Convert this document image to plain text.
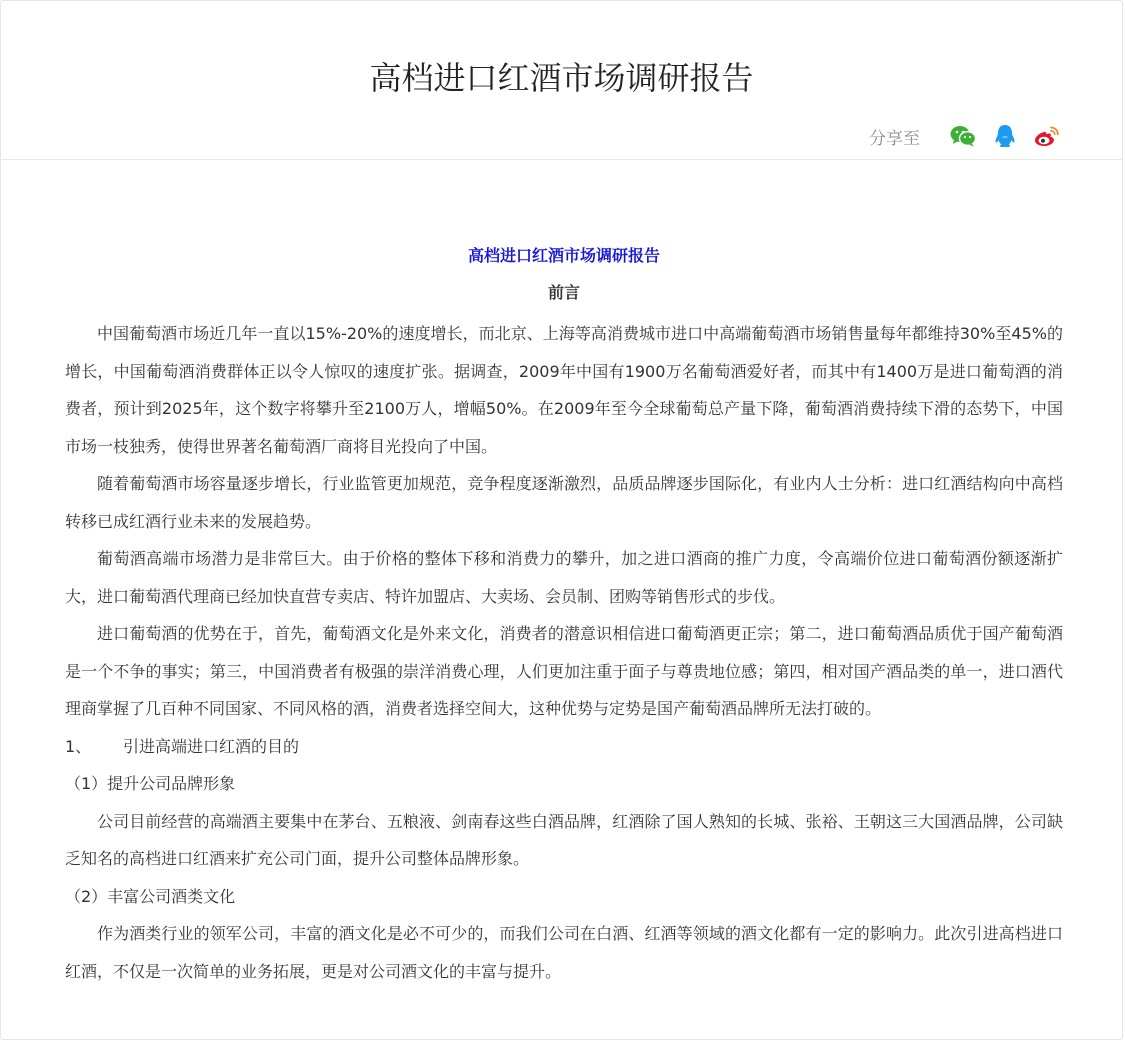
高档进口红酒市场调研报告
分享至

高档进口红酒市场调研报告

前言

中国葡萄酒市场近几年一直以15%-20%的速度增长，而北京、上海等高消费城市进口中高端葡萄酒市场销售量每年都维持30%至45%的增长，中国葡萄酒消费群体正以令人惊叹的速度扩张。据调查，2009年中国有1900万名葡萄酒爱好者，而其中有1400万是进口葡萄酒的消费者，预计到2025年，这个数字将攀升至2100万人，增幅50%。在2009年至今全球葡萄总产量下降，葡萄酒消费持续下滑的态势下，中国市场一枝独秀，使得世界著名葡萄酒厂商将目光投向了中国。

随着葡萄酒市场容量逐步增长，行业监管更加规范，竞争程度逐渐激烈，品质品牌逐步国际化，有业内人士分析：进口红酒结构向中高档转移已成红酒行业未来的发展趋势。

葡萄酒高端市场潜力是非常巨大。由于价格的整体下移和消费力的攀升，加之进口酒商的推广力度，令高端价位进口葡萄酒份额逐渐扩大，进口葡萄酒代理商已经加快直营专卖店、特许加盟店、大卖场、会员制、团购等销售形式的步伐。

进口葡萄酒的优势在于，首先，葡萄酒文化是外来文化，消费者的潜意识相信进口葡萄酒更正宗；第二，进口葡萄酒品质优于国产葡萄酒是一个不争的事实；第三，中国消费者有极强的崇洋消费心理，人们更加注重于面子与尊贵地位感；第四，相对国产酒品类的单一，进口酒代理商掌握了几百种不同国家、不同风格的酒，消费者选择空间大，这种优势与定势是国产葡萄酒品牌所无法打破的。

1、 引进高端进口红酒的目的

（1）提升公司品牌形象

公司目前经营的高端酒主要集中在茅台、五粮液、剑南春这些白酒品牌，红酒除了国人熟知的长城、张裕、王朝这三大国酒品牌，公司缺乏知名的高档进口红酒来扩充公司门面，提升公司整体品牌形象。

（2）丰富公司酒类文化

作为酒类行业的领军公司，丰富的酒文化是必不可少的，而我们公司在白酒、红酒等领域的酒文化都有一定的影响力。此次引进高档进口红酒，不仅是一次简单的业务拓展，更是对公司酒文化的丰富与提升。
